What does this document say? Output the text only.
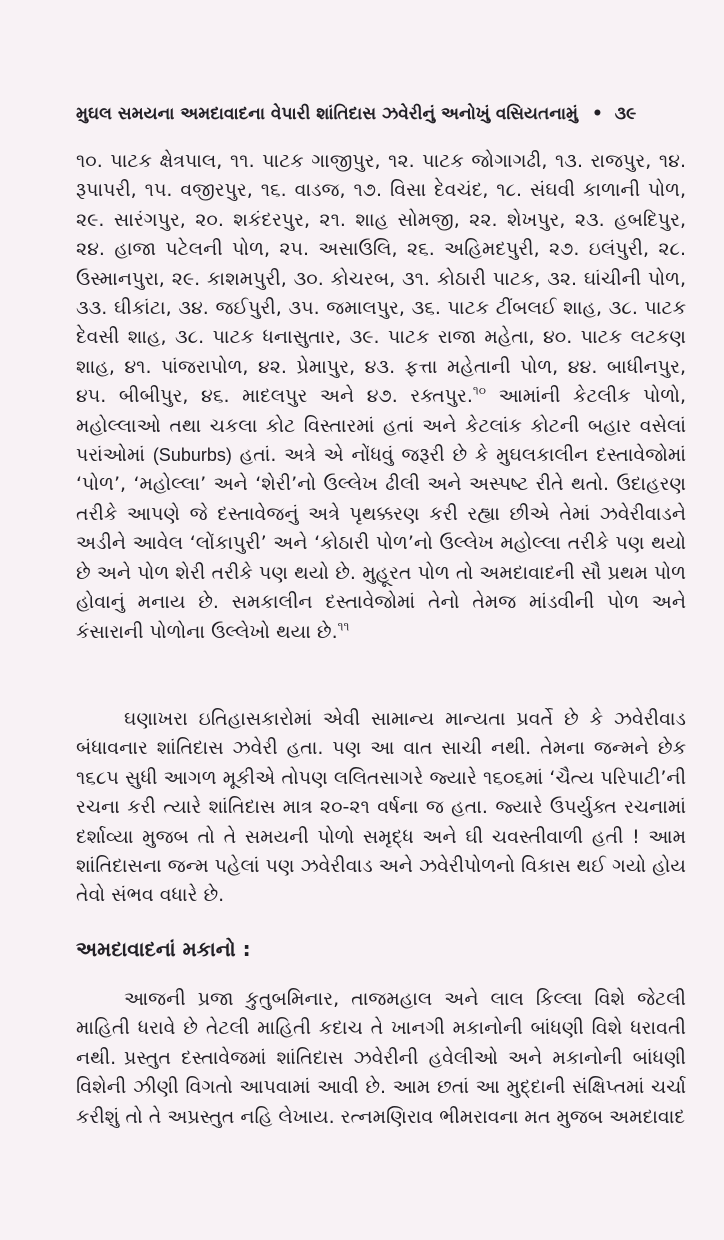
મુઘલ સમયના અમદાવાદના વેપારી શાંતિદાસ ઝવેરીનું અનોખું વસિયતનામું • ૩૯

૧૦. પાટક ક્ષેત્રપાલ, ૧૧. પાટક ગાજીપુર, ૧૨. પાટક જોગાગઢી, ૧૩. રાજપુર, ૧૪. રૂપાપરી, ૧૫. વજીરપુર, ૧૬. વાડજ, ૧૭. વિસા દેવચંદ, ૧૮. સંઘવી કાળાની પોળ, ૨૯. સારંગપુર, ૨૦. શકંદરપુર, ૨૧. શાહ સોમજી, ૨૨. શેખપુર, ૨૩. હબદિપુર, ૨૪. હાજા પટેલની પોળ, ૨૫. અસાઉલિ, ૨૬. અહિમદપુરી, ૨૭. ઇલંપુરી, ૨૮. ઉસ્માનપુરા, ૨૯. કાશમપુરી, ૩૦. કોચરબ, ૩૧. કોઠારી પાટક, ૩૨. ઘાંચીની પોળ, ૩૩. ઘીકાંટા, ૩૪. જઈપુરી, ૩૫. જમાલપુર, ૩૬. પાટક ટીંબલઈ શાહ, ૩૮. પાટક દેવસી શાહ, ૩૮. પાટક ધનાસુતાર, ૩૯. પાટક રાજા મહેતા, ૪૦. પાટક લટકણ શાહ, ૪૧. પાંજરાપોળ, ૪૨. પ્રેમાપુર, ૪૩. ફત્તા મહેતાની પોળ, ૪૪. બાધીનપુર, ૪૫. બીબીપુર, ૪૬. માદલપુર અને ૪૭. રક્તપુર.$^{૧૦}$ આમાંની કેટલીક પોળો, મહોલ્લાઓ તથા ચકલા કોટ વિસ્તારમાં હતાં અને કેટલાંક કોટની બહાર વસેલાં પરાંઓમાં (Suburbs) હતાં. અત્રે એ નોંધવું જરૂરી છે કે મુઘલકાલીન દસ્તાવેજોમાં ‘પોળ’, ‘મહોલ્લા’ અને ‘શેરી’નો ઉલ્લેખ ઢીલી અને અસ્પષ્ટ રીતે થતો. ઉદાહરણ તરીકે આપણે જે દસ્તાવેજનું અત્રે પૃથક્કરણ કરી રહ્યા છીએ તેમાં ઝવેરીવાડને અડીને આવેલ ‘લોંકાપુરી’ અને ‘કોઠારી પોળ’નો ઉલ્લેખ મહોલ્લા તરીકે પણ થયો છે અને પોળ શેરી તરીકે પણ થયો છે. મુહૂરત પોળ તો અમદાવાદની સૌ પ્રથમ પોળ હોવાનું મનાય છે. સમકાલીન દસ્તાવેજોમાં તેનો તેમજ માંડવીની પોળ અને કંસારાની પોળોના ઉલ્લેખો થયા છે.$^{૧૧}$

ઘણાખરા ઇતિહાસકારોમાં એવી સામાન્ય માન્યતા પ્રવર્તે છે કે ઝવેરીવાડ બંધાવનાર શાંતિદાસ ઝવેરી હતા. પણ આ વાત સાચી નથી. તેમના જન્મને છેક ૧૬૮૫ સુધી આગળ મૂકીએ તોપણ લલિતસાગરે જ્યારે ૧૬૦૬માં ‘ચૈત્ય પરિપાટી’ની રચના કરી ત્યારે શાંતિદાસ માત્ર ૨૦-૨૧ વર્ષના જ હતા. જ્યારે ઉપર્યુક્ત રચનામાં દર્શાવ્યા મુજબ તો તે સમયની પોળો સમૃદ્ધ અને ઘી ચવસ્તીવાળી હતી ! આમ શાંતિદાસના જન્મ પહેલાં પણ ઝવેરીવાડ અને ઝવેરીપોળનો વિકાસ થઈ ગયો હોય તેવો સંભવ વધારે છે.

અમદાવાદનાં મકાનો :

આજની પ્રજા કુતુબમિનાર, તાજમહાલ અને લાલ કિલ્લા વિશે જેટલી માહિતી ધરાવે છે તેટલી માહિતી કદાચ તે ખાનગી મકાનોની બાંધણી વિશે ધરાવતી નથી. પ્રસ્તુત દસ્તાવેજમાં શાંતિદાસ ઝવેરીની હવેલીઓ અને મકાનોની બાંધણી વિશેની ઝીણી વિગતો આપવામાં આવી છે. આમ છતાં આ મુદ્દાની સંક્ષિપ્તમાં ચર્ચા કરીશું તો તે અપ્રસ્તુત નહિ લેખાય. રત્નમણિરાવ ભીમરાવના મત મુજબ અમદાવાદ
